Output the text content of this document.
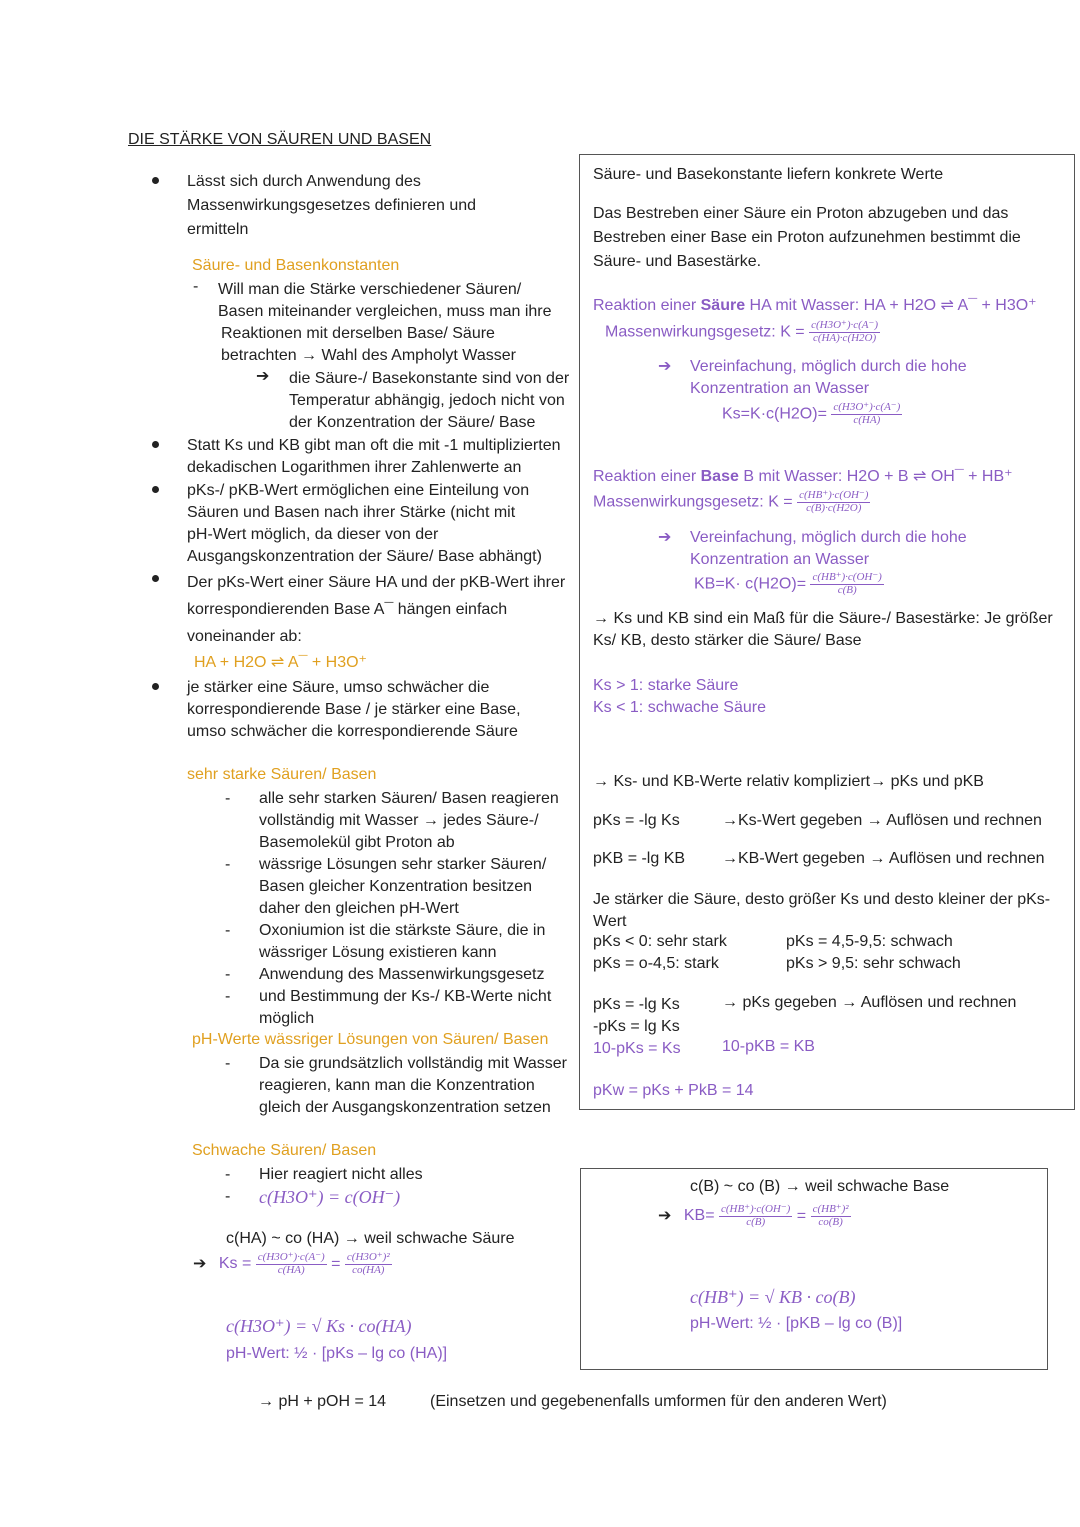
DIE STÄRKE VON SÄUREN UND BASEN
Lässt sich durch Anwendung des
Massenwirkungsgesetzes definieren und
ermitteln
Säure- und Basenkonstanten
- Will man die Stärke verschiedener Säuren/
Basen miteinander vergleichen, muss man ihre
Reaktionen mit derselben Base/ Säure
betrachten → Wahl des Ampholyt Wasser
➔ die Säure-/ Basekonstante sind von der
Temperatur abhängig, jedoch nicht von
der Konzentration der Säure/ Base
Statt Ks und KB gibt man oft die mit -1 multiplizierten
dekadischen Logarithmen ihrer Zahlenwerte an
pKs-/ pKB-Wert ermöglichen eine Einteilung von
Säuren und Basen nach ihrer Stärke (nicht mit
pH-Wert möglich, da dieser von der
Ausgangskonzentration der Säure/ Base abhängt)
Der pKs-Wert einer Säure HA und der pKB-Wert ihrer
korrespondierenden Base A¯ hängen einfach
voneinander ab:
HA + H2O ⇌ A¯ + H3O⁺
je stärker eine Säure, umso schwächer die
korrespondierende Base / je stärker eine Base,
umso schwächer die korrespondierende Säure
sehr starke Säuren/ Basen
- alle sehr starken Säuren/ Basen reagieren
vollständig mit Wasser → jedes Säure-/
Basemolekül gibt Proton ab
- wässrige Lösungen sehr starker Säuren/
Basen gleicher Konzentration besitzen
daher den gleichen pH-Wert
- Oxoniumion ist die stärkste Säure, die in
wässriger Lösung existieren kann
- Anwendung des Massenwirkungsgesetz
- und Bestimmung der Ks-/ KB-Werte nicht
möglich
pH-Werte wässriger Lösungen von Säuren/ Basen
- Da sie grundsätzlich vollständig mit Wasser
reagieren, kann man die Konzentration
gleich der Ausgangskonzentration setzen
Schwache Säuren/ Basen
- Hier reagiert nicht alles
- c(H3O⁺) = c(OH⁻)
c(HA) ~ co (HA) → weil schwache Säure
➔ $Ks = \frac{c(H3O^+)\cdot c(A^-)}{c(HA)} = \frac{\text{c(H3O⁺)²}}{co(HA)}$
c(H3O⁺) = √ Ks · co(HA)
pH-Wert: ½ · [pKs – lg co (HA)]
→ pH + pOH = 14	(Einsetzen und gegebenenfalls umformen für den anderen Wert)
Säure- und Basekonstante liefern konkrete Werte
Das Bestreben einer Säure ein Proton abzugeben und das
Bestreben einer Base ein Proton aufzunehmen bestimmt die
Säure- und Basestärke.
Reaktion einer Säure HA mit Wasser: HA + H2O ⇌ A¯ + H3O⁺
Massenwirkungsgesetz: $K = \frac{c(H3O^+)\cdot c(A^-)}{c(HA)\cdot c(H2O)}$
➔ Vereinfachung, möglich durch die hohe
Konzentration an Wasser
$Ks=K\cdot c(H2O)= \frac{c(H3O^+)\cdot c(A^-)}{c(HA)}$
Reaktion einer Base B mit Wasser: H2O + B ⇌ OH¯ + HB⁺
Massenwirkungsgesetz: $K = \frac{c(HB^+)\cdot c(OH^-)}{c(B)\cdot c(H2O)}$
➔ Vereinfachung, möglich durch die hohe
Konzentration an Wasser
$KB=K\cdot c(H2O)= \frac{c(HB^+)\cdot c(OH^-)}{c(B)}$
→ Ks und KB sind ein Maß für die Säure-/ Basestärke: Je größer
Ks/ KB, desto stärker die Säure/ Base
Ks > 1: starke Säure
Ks < 1: schwache Säure
→ Ks- und KB-Werte relativ kompliziert→ pKs und pKB
pKs = -lg Ks	→Ks-Wert gegeben → Auflösen und rechnen
pKB = -lg KB →KB-Wert gegeben → Auflösen und rechnen
Je stärker die Säure, desto größer Ks und desto kleiner der pKs-
Wert
pKs < 0: sehr stark	pKs = 4,5-9,5: schwach
pKs = o-4,5: stark	pKs > 9,5: sehr schwach
pKs = -lg Ks
-pKs = lg Ks
10-pKs = Ks
→ pKs gegeben → Auflösen und rechnen
10-pKB = KB
pKw = pKs + PkB = 14
c(B) ~ co (B) → weil schwache Base
➔ $KB= \frac{c(HB^+)\cdot c(OH^-)}{c(B)} = \frac{\text{c(HB⁺)²}}{co(B)}$
c(HB⁺) = √ KB · co(B)
pH-Wert: ½ · [pKB – lg co (B)]
